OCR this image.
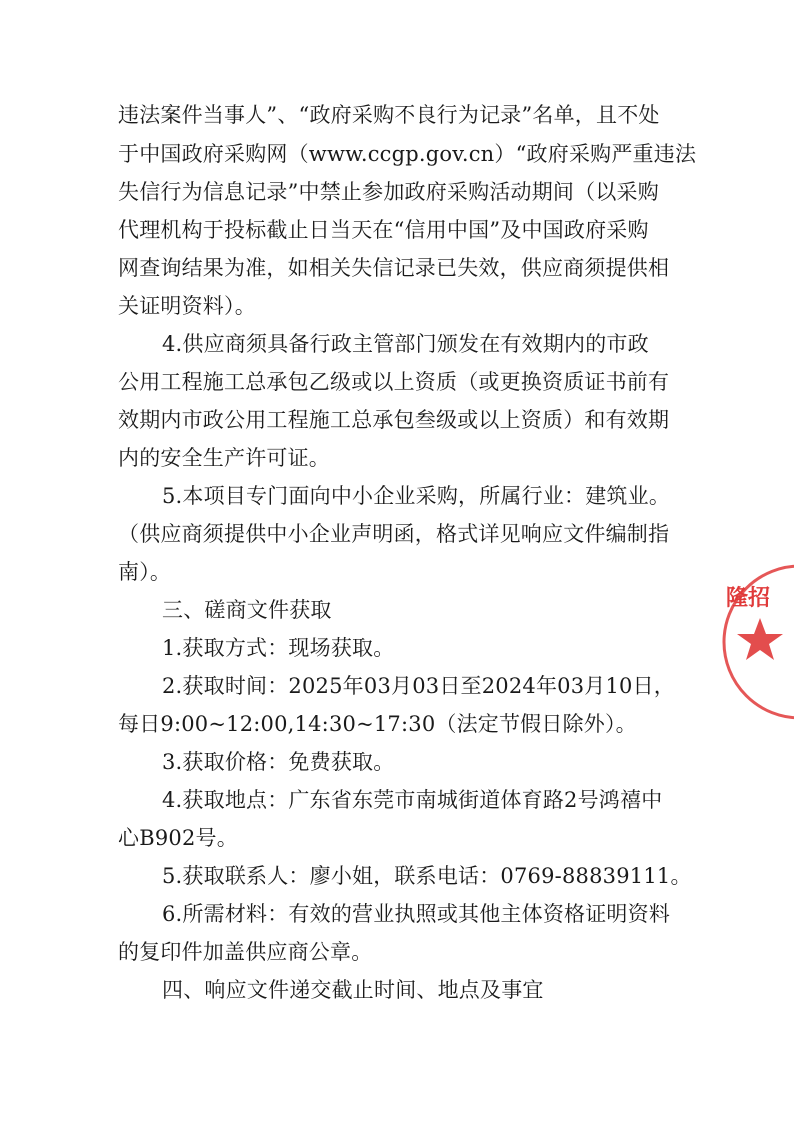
违法案件当事人”、“政府采购不良行为记录”名单，且不处
于中国政府采购网（www.ccgp.gov.cn）“政府采购严重违法
失信行为信息记录”中禁止参加政府采购活动期间（以采购
代理机构于投标截止日当天在“信用中国”及中国政府采购
网查询结果为准，如相关失信记录已失效，供应商须提供相
关证明资料）。
4.供应商须具备行政主管部门颁发在有效期内的市政
公用工程施工总承包乙级或以上资质（或更换资质证书前有
效期内市政公用工程施工总承包叁级或以上资质）和有效期
内的安全生产许可证。
5.本项目专门面向中小企业采购，所属行业：建筑业。
（供应商须提供中小企业声明函，格式详见响应文件编制指
南）。
三、磋商文件获取
1.获取方式：现场获取。
2.获取时间：2025年03月03日至2024年03月10日，
每日9:00~12:00,14:30~17:30（法定节假日除外）。
3.获取价格：免费获取。
4.获取地点：广东省东莞市南城街道体育路2号鸿禧中
心B902号。
5.获取联系人：廖小姐，联系电话：0769-88839111。
6.所需材料：有效的营业执照或其他主体资格证明资料
的复印件加盖供应商公章。
四、响应文件递交截止时间、地点及事宜
隆招
